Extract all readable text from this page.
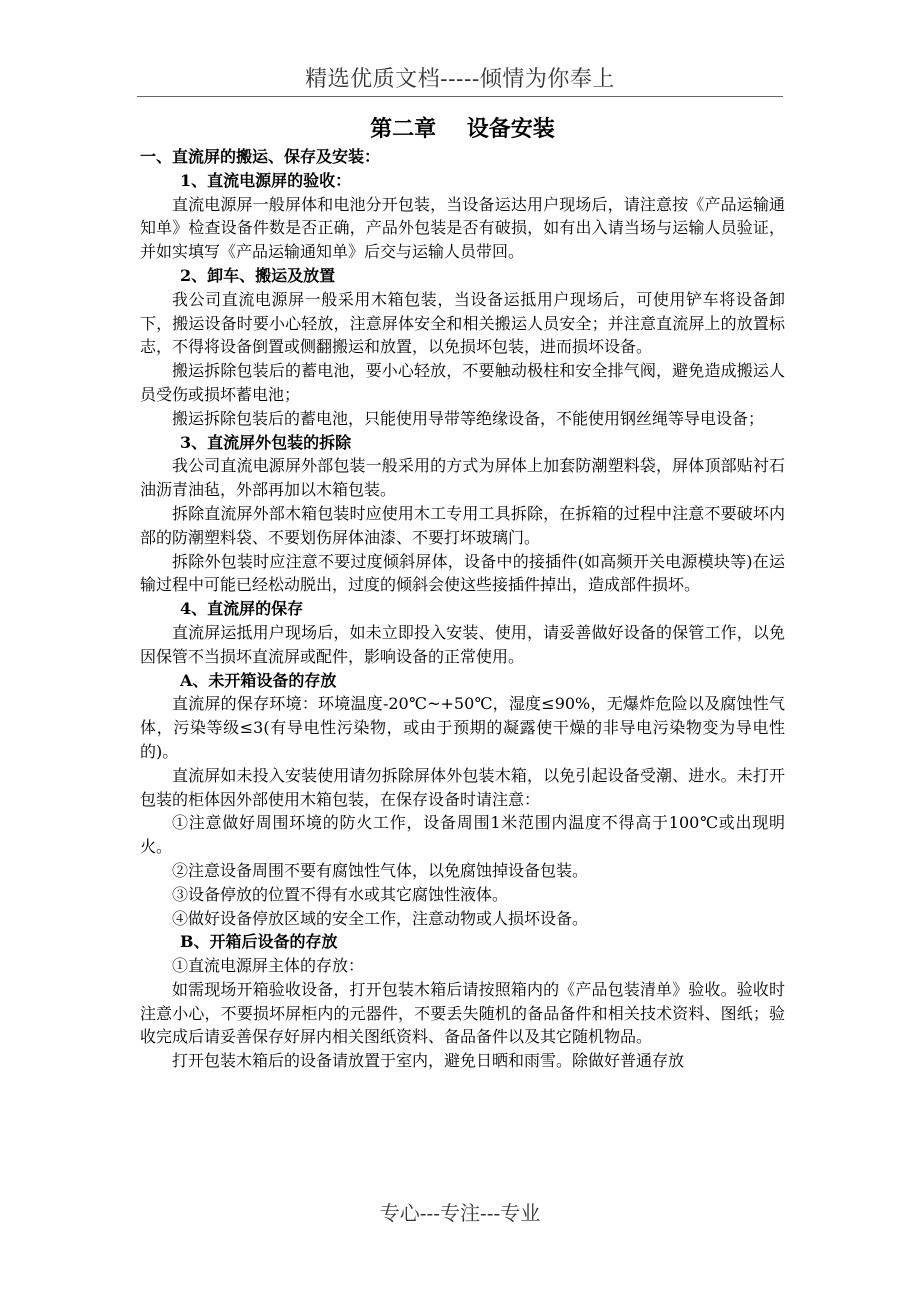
精选优质文档-----倾情为你奉上
第二章    设备安装
一、直流屏的搬运、保存及安装：
1、直流电源屏的验收：
直流电源屏一般屏体和电池分开包装，当设备运达用户现场后，请注意按《产品运输通知单》检查设备件数是否正确，产品外包装是否有破损，如有出入请当场与运输人员验证，并如实填写《产品运输通知单》后交与运输人员带回。
2、卸车、搬运及放置
我公司直流电源屏一般采用木箱包装，当设备运抵用户现场后，可使用铲车将设备卸下，搬运设备时要小心轻放，注意屏体安全和相关搬运人员安全；并注意直流屏上的放置标志，不得将设备倒置或侧翻搬运和放置，以免损坏包装，进而损坏设备。
搬运拆除包装后的蓄电池，要小心轻放，不要触动极柱和安全排气阀，避免造成搬运人员受伤或损坏蓄电池；
搬运拆除包装后的蓄电池，只能使用导带等绝缘设备，不能使用钢丝绳等导电设备；
3、直流屏外包装的拆除
我公司直流电源屏外部包装一般采用的方式为屏体上加套防潮塑料袋，屏体顶部贴衬石油沥青油毡，外部再加以木箱包装。
拆除直流屏外部木箱包装时应使用木工专用工具拆除，在拆箱的过程中注意不要破坏内部的防潮塑料袋、不要划伤屏体油漆、不要打坏玻璃门。
拆除外包装时应注意不要过度倾斜屏体，设备中的接插件(如高频开关电源模块等)在运输过程中可能已经松动脱出，过度的倾斜会使这些接插件掉出，造成部件损坏。
4、直流屏的保存
直流屏运抵用户现场后，如未立即投入安装、使用，请妥善做好设备的保管工作，以免因保管不当损坏直流屏或配件，影响设备的正常使用。
A、未开箱设备的存放
直流屏的保存环境：环境温度-20℃~+50℃，湿度≤90%，无爆炸危险以及腐蚀性气体，污染等级≤3(有导电性污染物，或由于预期的凝露使干燥的非导电污染物变为导电性的)。
直流屏如未投入安装使用请勿拆除屏体外包装木箱，以免引起设备受潮、进水。未打开包装的柜体因外部使用木箱包装，在保存设备时请注意：
①注意做好周围环境的防火工作，设备周围1米范围内温度不得高于100℃或出现明火。
②注意设备周围不要有腐蚀性气体，以免腐蚀掉设备包装。
③设备停放的位置不得有水或其它腐蚀性液体。
④做好设备停放区域的安全工作，注意动物或人损坏设备。
B、开箱后设备的存放
①直流电源屏主体的存放：
如需现场开箱验收设备，打开包装木箱后请按照箱内的《产品包装清单》验收。验收时注意小心，不要损坏屏柜内的元器件，不要丢失随机的备品备件和相关技术资料、图纸；验收完成后请妥善保存好屏内相关图纸资料、备品备件以及其它随机物品。
打开包装木箱后的设备请放置于室内，避免日晒和雨雪。除做好普通存放
专心---专注---专业
